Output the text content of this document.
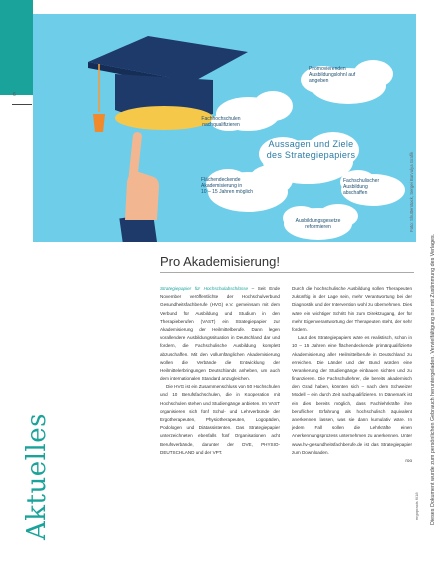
6
Fachhochschulen
nachqualifizieren
Promovierenden
Ausbildungslohnl auf
angeben
Aussagen und Ziele
des Strategiepapiers
Flächendeckende
Akademisierung in
10 – 15 Jahren möglich
Fachschulischer
Ausbildung
abschaffen
Ausbildungsgesetze
reformieren	Foto: Shutterstock, Sergei Barvulya Grafik
Dieses Dokument wurde zum persönlichen Gebrauch heruntergeladen. Vervielfältigung nur mit Zustimmung des Verlages.
ergopraxis 6/18
Aktuelles
Pro Akademisierung!

Strategiepapier für Hochschulabschlüsse – Seit Ende November veröffentlichte der Hochschulverbund Gesundheitsfachberufe (HVG) e.V. gemeinsam mit dem Verbund für Ausbildung und Studium in den Therapieberufen (VAST) ein Strategiepapier zur Akademisierung der Heilmittelberufe. Dann legen vorallendere Ausbildungssituation in Deutschland dar und fordern, die Fachschulische Ausbildung komplett abzuschaffen. Mit den vollumfänglichen Akademisierung wollen die Verbände die Entwicklung der Heilmittelerbringungen Deutschlands anheben, um auch dem internationalen Standard anzugleichen.

Die HVG ist ein Zusammenschluss von 50 Hochschulen und 10 Berufsfachschulen, die in Kooperation mit Hochschulen stehen und Studiengänge anbieten. Im VAST organisieren sich fünf Schul- und Lehrverbünde der Ergotherapeuten, Physiotherapeuten, Logopäden, Podologen und Diätassistenten. Das Strategiepapier unterzeichneten ebenfalls fünf Organisationen acht Berufsverbände, darunter der DVE, PHYSIO-DEUTSCHLAND und der VPT.

Durch die hochschulische Ausbildung sollen Therapeuten zukünftig in der Lage sein, mehr Verantwortung bei der Diagnostik und der Intervention wohl zu übernehmen. Dies wäre ein wichtiger Schritt hin zum Direktzugang, der für mehr Eigenverantwortung der Therapeuten steht, der sehr fordern.

Laut des Strategiepapiers wäre es realistisch, schon in 10 – 15 Jahren eine flächendeckende primärqualifizierte Akademisierung aller Heilmittelberufe in Deutschland zu erreichen. Die Länder und der Bund würden eine Verankerung der Studiengänge einbauen sichten und zu finanzieren. Die Fachschullehrer, die bereits akademisch den Grad haben, könnten sich – nach dem Schweizer Modell – ein durch Zeit nachqualifizieren. In Dänemark ist ein dies bereits möglich, dass Fachlehrkräfte ihre beruflicher Erfahrung als hochschulisch äquivalent anerkennen lassen, was sie dann kumulativ wäre. In jedem Fall sollen die Lehrkräfte einen Anerkennungsprozess unternehmen zu anerkennen. Unter www.hv-gesundheitsfachberufe.de ist das Strategiepapier zum Downloaden.

roo
